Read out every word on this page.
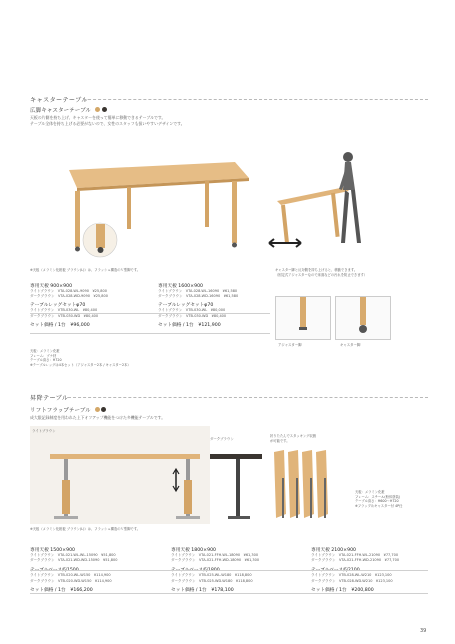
キャスターテーブル
広脚キャスターテーブル
天板の片側を持ち上げ、キャスターを使って簡単に移動できるテーブルです。
テーブル全体を持ち上げる必要がないので、女性のスタッフも扱いやすいデザインです。
※天板（メラミン化粧板 ブラウン(L)）は、フラッシュ構造のＶ型脚です。	キャスター脚と反対側を持ち上げると、移動できます。
（固定式アジャスターなので床面などの汚れを防止できます）
アジャスター脚	キャスター脚
専用天板 900×900
ライトブラウン　VTA-028-WL-9090　¥25,800
ダークブラウン　VTA-028-WD-9090　¥25,800
テーブルレッグセットφ70
ライトブラウン　VTB-030-WL　¥80,400
ダークブラウン　VTB-030-WD　¥80,400
セット価格 / 1台　¥96,000
専用天板 1600×900
ライトブラウン　VTA-028-WL-16090　¥61,580
ダークブラウン　VTA-028-WD-16090　¥61,580
テーブルレッグセットφ70
ライトブラウン　VTB-030-WL　¥80,000
ダークブラウン　VTB-030-WD　¥80,400
セット価格 / 1台　¥121,900
天板：メラミン化粧
フレーム：ブナ材
テーブル高さ：H720
※テーブルレッグは4本セット（アジャスター2本 / キャスター2本）
昇降テーブル
リフトフラップテーブル
成大限記録制度を用われた上下オフアップ機能をつけた多機能テーブルです。
ライトブラウン
ダークブラウン
折りたたんでスタッキング収納
が可能です。
天板：メラミン化粧
フレーム：スチール(粉体塗装)
テーブル高さ：H600〜H720
※フラップ＆キャスター付 4P仕
※天板（メラミン化粧板 ブラウン(L)）は、フラッシュ構造のＶ型脚です。
専用天板 1500×900
ライトブラウン　VTA-021-WL-WL-15090　¥51,800
ダークブラウン　VTA-021-WD-WD-15090　¥51,800
テーブルベース約1500
ライトブラウン　VTB-020-WL-W150　¥114,900
ダークブラウン　VTB-020-WD-W150　¥114,900
セット価格 / 1台　¥166,200
専用天板 1800×900
ライトブラウン　VTA-021-FFH-WL-18090　¥61,300
ダークブラウン　VTA-021-FFH-WD-18090　¥61,300
テーブルベース約1800
ライトブラウン　VTB-025-WL-W180　¥118,800
ダークブラウン　VTB-025-WD-W180　¥118,800
セット価格 / 1台　¥178,100
専用天板 2100×900
ライトブラウン　VTA-021-FFH-WL-21090　¥77,700
ダークブラウン　VTA-021-FFH-WD-21090　¥77,700
テーブルベース約2100
ライトブラウン　VTB-028-WL-W210　¥123,100
ダークブラウン　VTB-028-WD-W210　¥123,100
セット価格 / 1台　¥200,800
39
